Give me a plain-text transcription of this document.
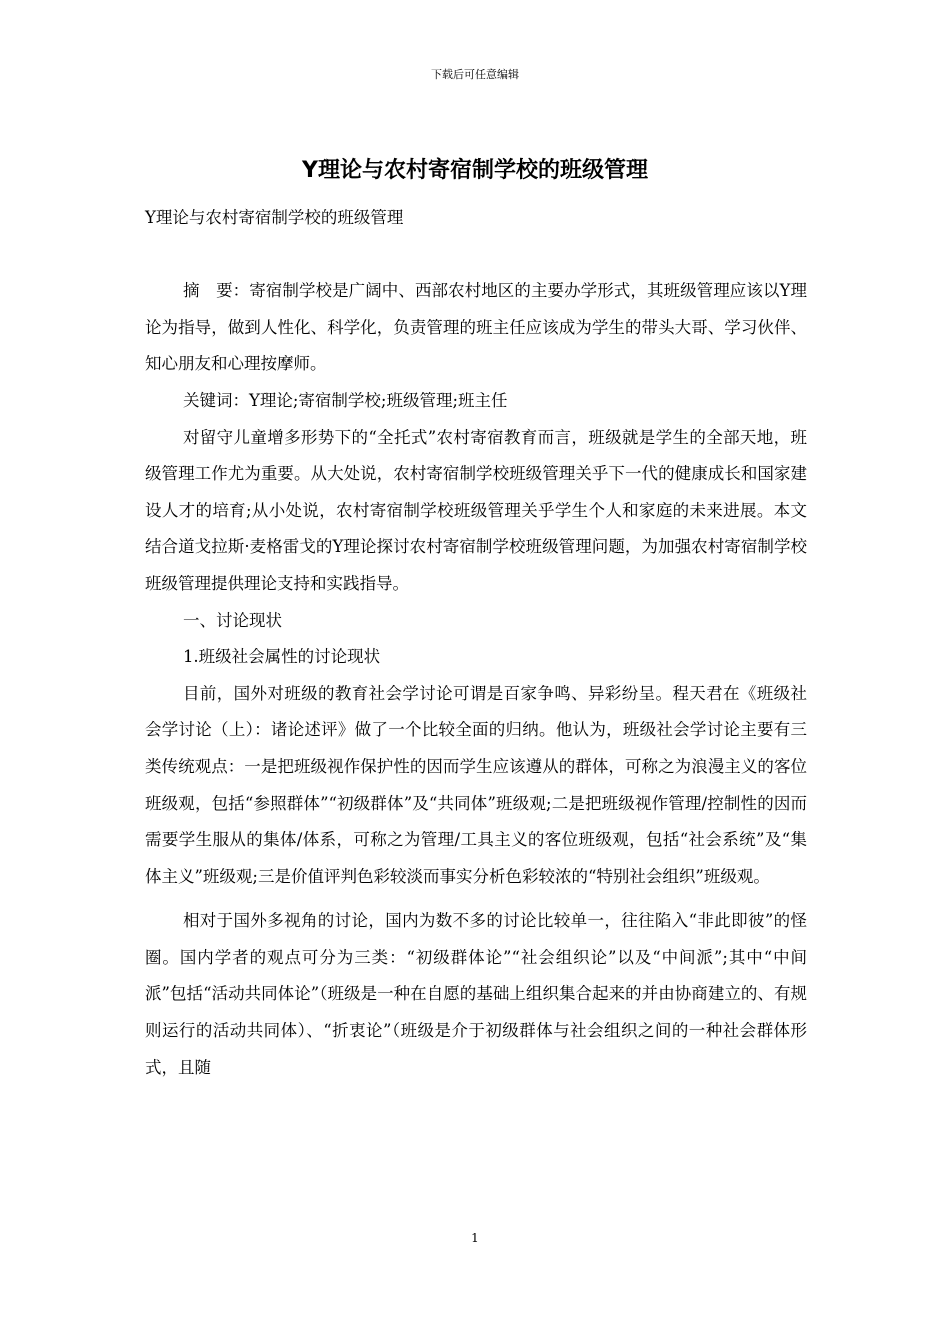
下载后可任意编辑
Y理论与农村寄宿制学校的班级管理

Y理论与农村寄宿制学校的班级管理

摘　要：寄宿制学校是广阔中、西部农村地区的主要办学形式，其班级管理应该以Y理论为指导，做到人性化、科学化，负责管理的班主任应该成为学生的带头大哥、学习伙伴、知心朋友和心理按摩师。

关键词：Y理论;寄宿制学校;班级管理;班主任

对留守儿童增多形势下的“全托式”农村寄宿教育而言，班级就是学生的全部天地，班级管理工作尤为重要。从大处说，农村寄宿制学校班级管理关乎下一代的健康成长和国家建设人才的培育;从小处说，农村寄宿制学校班级管理关乎学生个人和家庭的未来进展。本文结合道戈拉斯·麦格雷戈的Y理论探讨农村寄宿制学校班级管理问题，为加强农村寄宿制学校班级管理提供理论支持和实践指导。

一、讨论现状

1.班级社会属性的讨论现状

目前，国外对班级的教育社会学讨论可谓是百家争鸣、异彩纷呈。程天君在《班级社会学讨论（上）：诸论述评》做了一个比较全面的归纳。他认为，班级社会学讨论主要有三类传统观点：一是把班级视作保护性的因而学生应该遵从的群体，可称之为浪漫主义的客位班级观，包括“参照群体”“初级群体”及“共同体”班级观;二是把班级视作管理/控制性的因而需要学生服从的集体/体系，可称之为管理/工具主义的客位班级观，包括“社会系统”及“集体主义”班级观;三是价值评判色彩较淡而事实分析色彩较浓的“特别社会组织”班级观。

相对于国外多视角的讨论，国内为数不多的讨论比较单一，往往陷入“非此即彼”的怪圈。国内学者的观点可分为三类：“初级群体论”“社会组织论”以及“中间派”;其中“中间派”包括“活动共同体论”（班级是一种在自愿的基础上组织集合起来的并由协商建立的、有规则运行的活动共同体）、“折衷论”（班级是介于初级群体与社会组织之间的一种社会群体形式，且随

1
